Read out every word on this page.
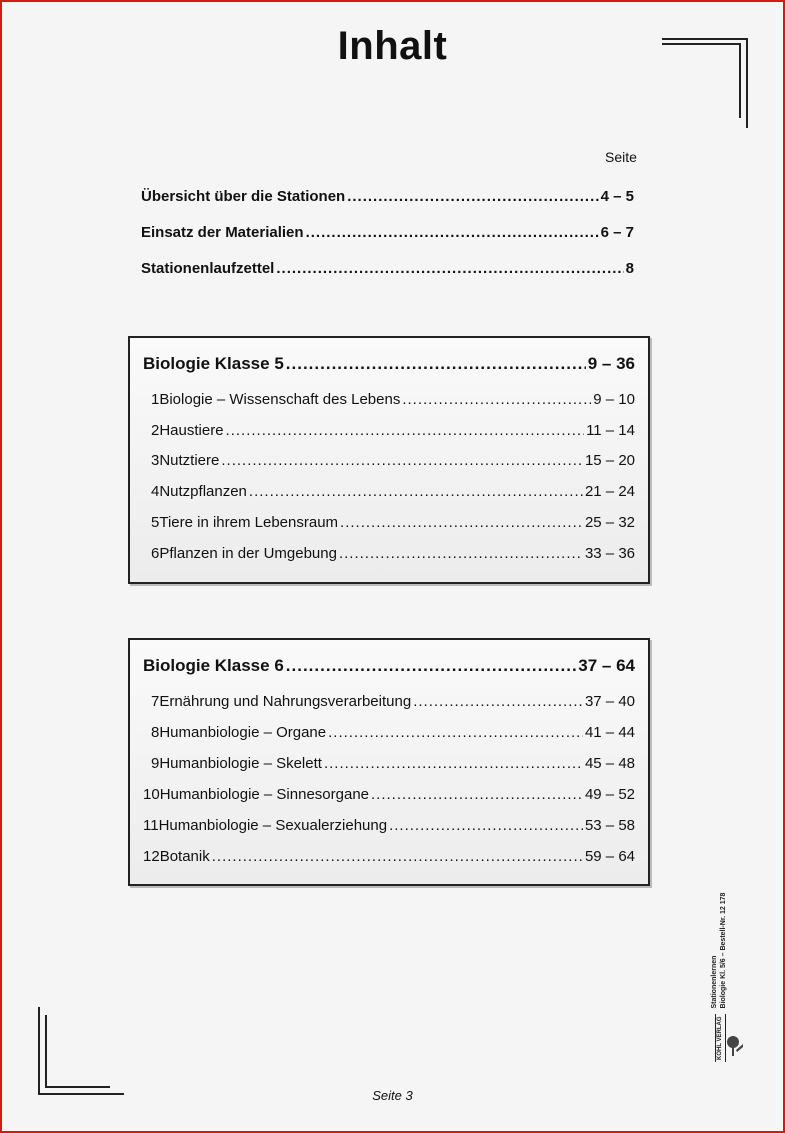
Inhalt
Seite
Übersicht über die Stationen .....	4 – 5
Einsatz der Materialien .....	6 – 7
Stationenlaufzettel .....	8
Biologie Klasse 5 .....	9 – 36
1 Biologie – Wissenschaft des Lebens .....	9 – 10
2 Haustiere .....	11 – 14
3 Nutztiere .....	15 – 20
4 Nutzpflanzen .....	21 – 24
5 Tiere in ihrem Lebensraum .....	25 – 32
6 Pflanzen in der Umgebung .....	33 – 36
Biologie Klasse 6 .....	37 – 64
7 Ernährung und Nahrungsverarbeitung .....	37 – 40
8 Humanbiologie – Organe .....	41 – 44
9 Humanbiologie – Skelett .....	45 – 48
10 Humanbiologie – Sinnesorgane .....	49 – 52
11 Humanbiologie – Sexualerziehung .....	53 – 58
12 Botanik .....	59 – 64
Seite 3
KOHL VERLAG
Stationenlernen Biologie Kl. 5/6 – Bestell-Nr. 12 178
